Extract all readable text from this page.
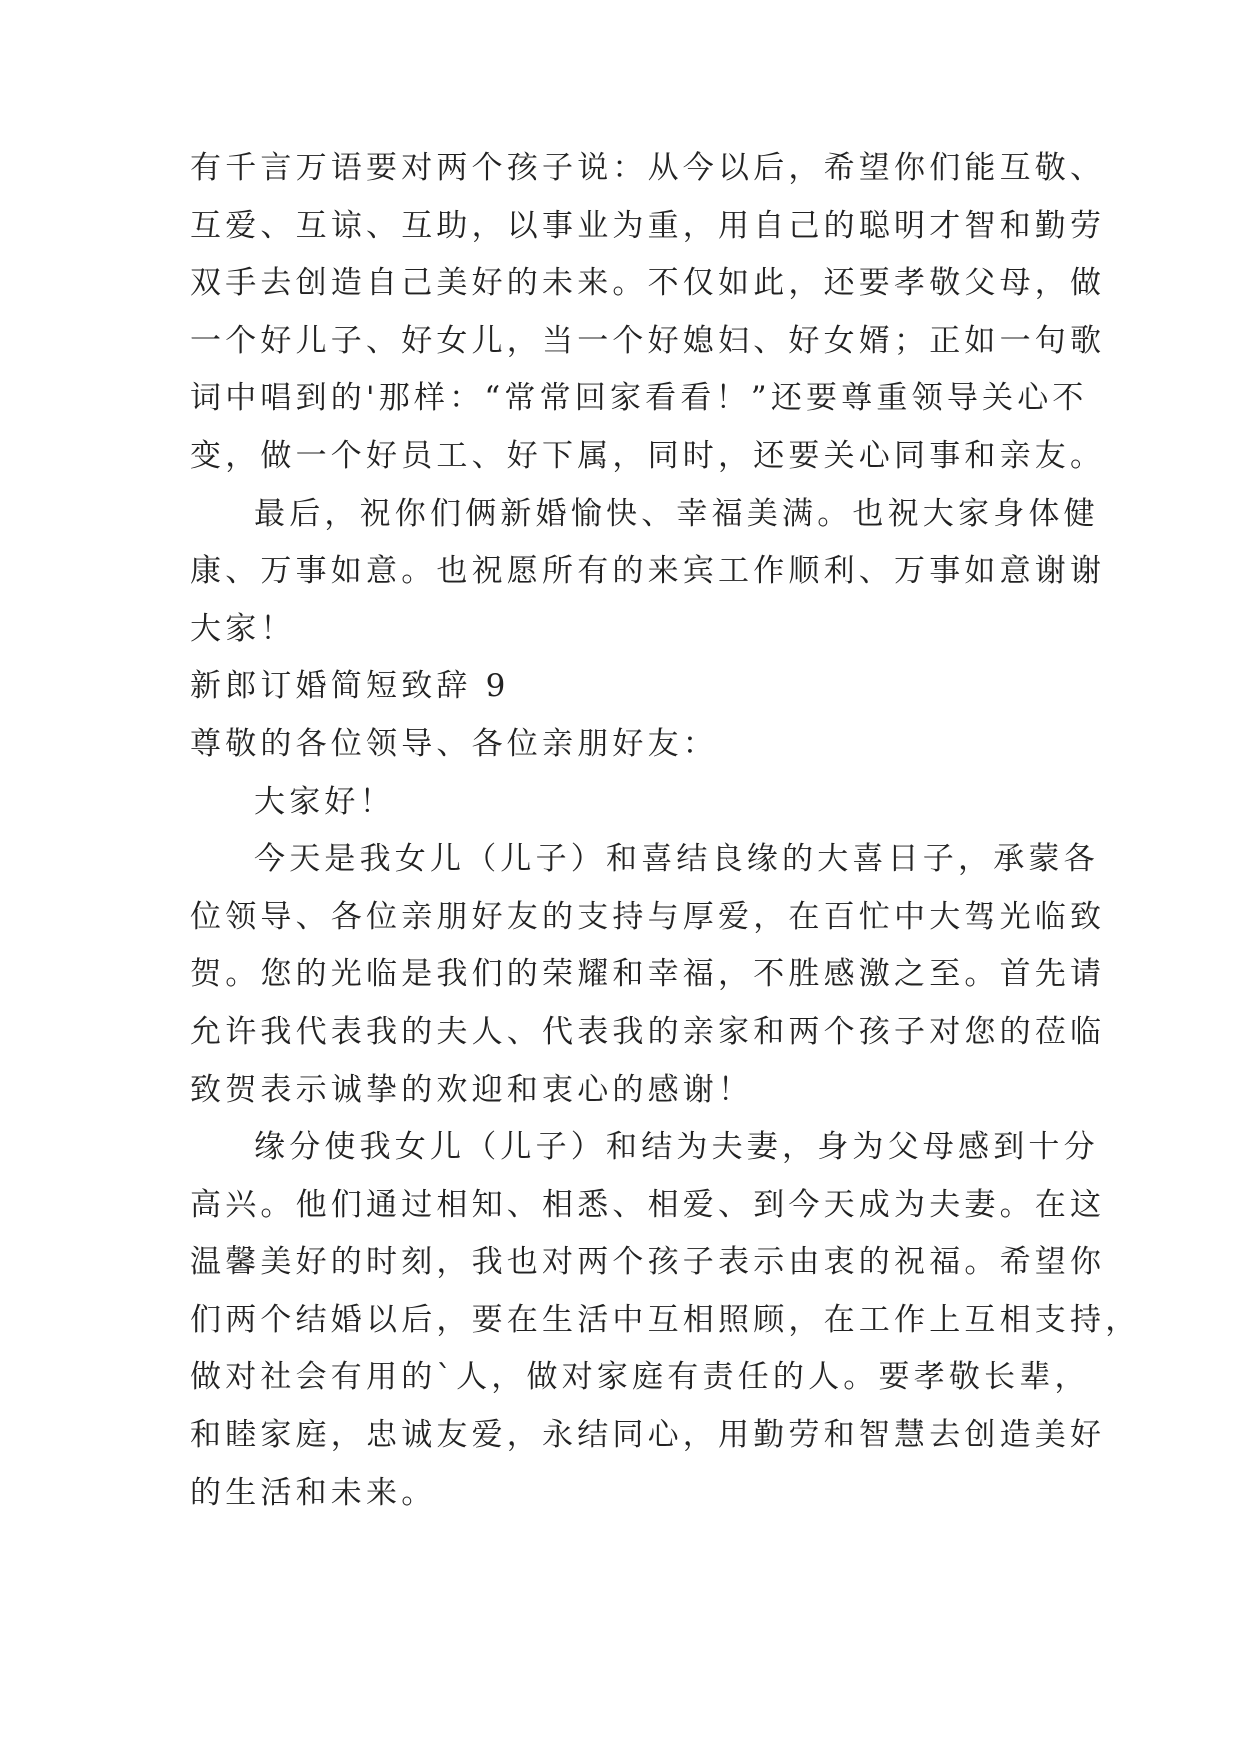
有千言万语要对两个孩子说：从今以后，希望你们能互敬、
互爱、互谅、互助，以事业为重，用自己的聪明才智和勤劳
双手去创造自己美好的未来。不仅如此，还要孝敬父母，做
一个好儿子、好女儿，当一个好媳妇、好女婿；正如一句歌
词中唱到的'那样：“常常回家看看！”还要尊重领导关心不
变，做一个好员工、好下属，同时，还要关心同事和亲友。
最后，祝你们俩新婚愉快、幸福美满。也祝大家身体健
康、万事如意。也祝愿所有的来宾工作顺利、万事如意谢谢
大家！
新郎订婚简短致辞 9
尊敬的各位领导、各位亲朋好友：
大家好！
今天是我女儿（儿子）和喜结良缘的大喜日子，承蒙各
位领导、各位亲朋好友的支持与厚爱，在百忙中大驾光临致
贺。您的光临是我们的荣耀和幸福，不胜感激之至。首先请
允许我代表我的夫人、代表我的亲家和两个孩子对您的莅临
致贺表示诚挚的欢迎和衷心的感谢！
缘分使我女儿（儿子）和结为夫妻，身为父母感到十分
高兴。他们通过相知、相悉、相爱、到今天成为夫妻。在这
温馨美好的时刻，我也对两个孩子表示由衷的祝福。希望你
们两个结婚以后，要在生活中互相照顾，在工作上互相支持，
做对社会有用的`人，做对家庭有责任的人。要孝敬长辈，
和睦家庭，忠诚友爱，永结同心，用勤劳和智慧去创造美好
的生活和未来。
